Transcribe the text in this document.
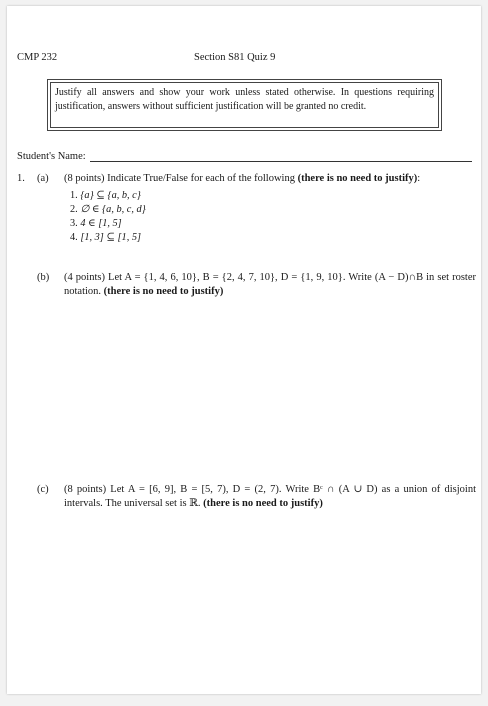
CMP 232	Section S81 Quiz 9
Justify all answers and show your work unless stated otherwise. In questions requiring justification, answers without sufficient justification will be granted no credit.
Student's Name:
1. (a) (8 points) Indicate True/False for each of the following (there is no need to justify):
1. {a} ⊆ {a, b, c}
2. ∅ ∈ {a, b, c, d}
3. 4 ∈ [1, 5]
4. [1, 3] ⊆ [1, 5]
(b) (4 points) Let A = {1, 4, 6, 10}, B = {2, 4, 7, 10}, D = {1, 9, 10}. Write (A − D)∩B in set roster notation. (there is no need to justify)
(c) (8 points) Let A = [6, 9], B = [5, 7), D = (2, 7). Write Bᶜ ∩ (A ∪ D) as a union of disjoint intervals. The universal set is ℝ. (there is no need to justify)
